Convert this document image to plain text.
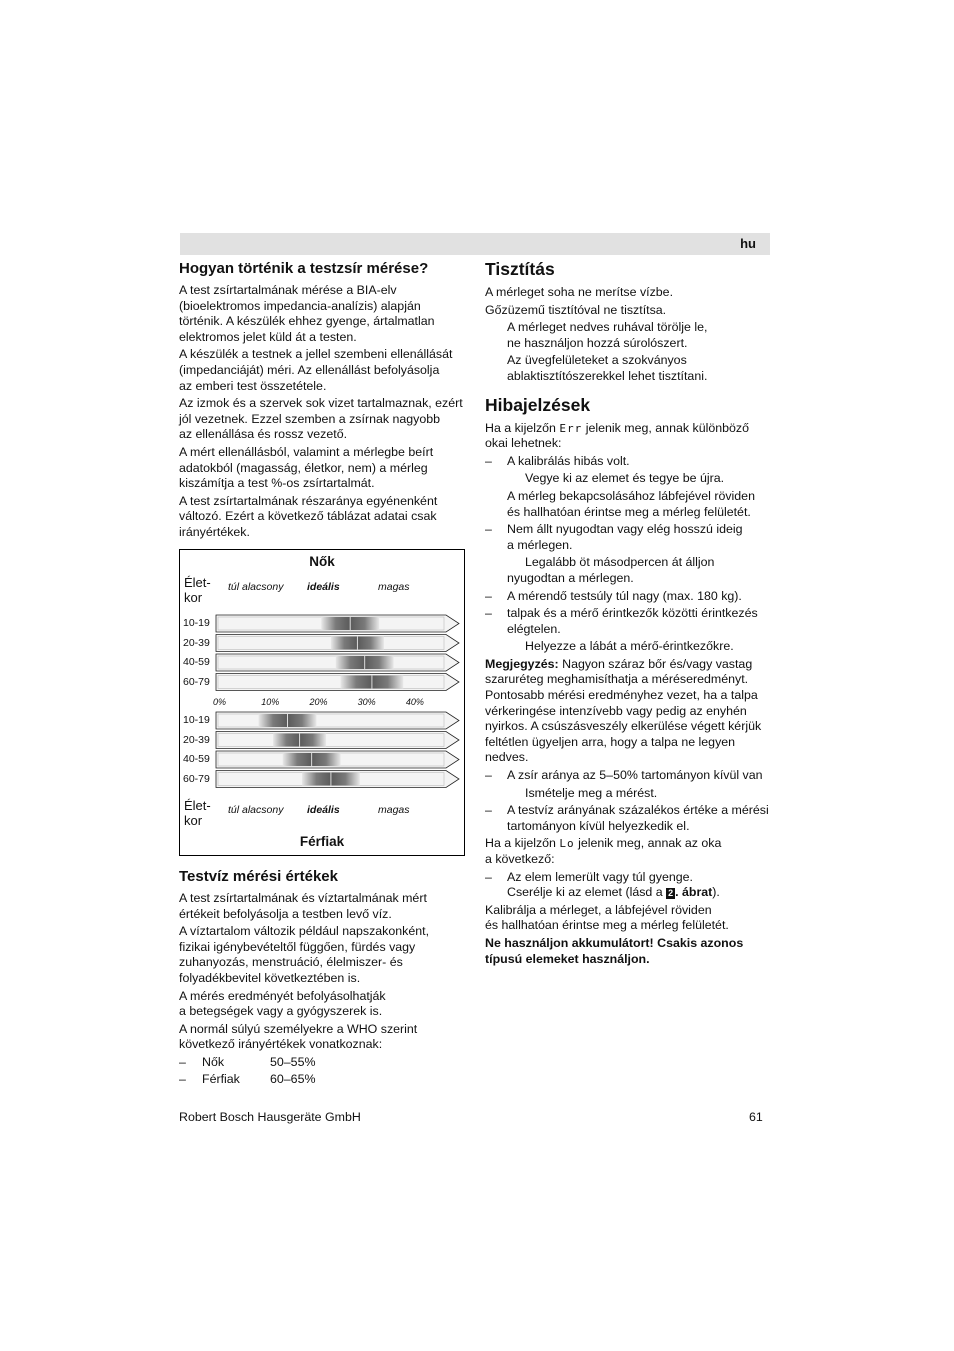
hu
Hogyan történik a testzsír mérése?

A test zsírtartalmának mérése a BIA-elv
(bioelektromos impedancia-analízis) alapján
történik. A készülék ehhez gyenge, ártalmatlan
elektromos jelet küld át a testen.

A készülék a testnek a jellel szembeni ellenállását
(impedanciáját) méri. Az ellenállást befolyásolja
az emberi test összetétele.

Az izmok és a szervek sok vizet tartalmaznak, ezért
jól vezetnek. Ezzel szemben a zsírnak nagyobb
az ellenállása és rossz vezető.

A mért ellenállásból, valamint a mérlegbe beírt
adatokból (magasság, életkor, nem) a mérleg
kiszámítja a test %-os zsírtartalmát.

A test zsírtartalmának részaránya egyénenként
változó. Ezért a következő táblázat adatai csak
irányértékek.

Nők
Élet-
kor
túl alacsony ideális	magas
10-19
20-39
40-59
60-79
10-19
20-39
40-59
60-79
0%	10%	20%	30%	40%
Élet-
kor
túl alacsony ideális	magas
Férfiak
Testvíz mérési értékek

A test zsírtartalmának és víztartalmának mért
értékeit befolyásolja a testben levő víz.

A víztartalom változik például napszakonként,
fizikai igénybevételtől függően, fürdés vagy
zuhanyozás, menstruáció, élelmiszer- és
folyadékbevitel következtében is.

A mérés eredményét befolyásolhatják
a betegségek vagy a gyógyszerek is.

A normál súlyú személyekre a WHO szerint
következő irányértékek vonatkoznak:

– Nők	50–55%
– Férfiak 60–65%
Tisztítás

A mérleget soha ne merítse vízbe.

Gőzüzemű tisztítóval ne tisztítsa.

A mérleget nedves ruhával törölje le,
ne használjon hozzá súrolószert.

Az üvegfelületeket a szokványos
ablaktisztítószerekkel lehet tisztítani.

Hibajelzések

Ha a kijelzőn Err jelenik meg, annak különböző
okai lehetnek:

– A kalibrálás hibás volt.

Vegye ki az elemet és tegye be újra.

A mérleg bekapcsolásához lábfejével röviden
és hallhatóan érintse meg a mérleg felületét.

– Nem állt nyugodtan vagy elég hosszú ideig
a mérlegen.

Legalább öt másodpercen át álljon
nyugodtan a mérlegen.

– A mérendő testsúly túl nagy (max. 180 kg).

– talpak és a mérő érintkezők közötti érintkezés
elégtelen.

Helyezze a lábát a mérő-érintkezőkre.

Megjegyzés: Nagyon száraz bőr és/vagy vastag
szaruréteg meghamisíthatja a méréseredményt.
Pontosabb mérési eredményhez vezet, ha a talpa
vérkeringése intenzívebb vagy pedig az enyhén
nyirkos. A csúszásveszély elkerülése végett kérjük
feltétlen ügyeljen arra, hogy a talpa ne legyen
nedves.

– A zsír aránya az 5–50% tartományon kívül van

Ismételje meg a mérést.

– A testvíz arányának százalékos értéke a mérési
tartományon kívül helyezkedik el.

Ha a kijelzőn Lo jelenik meg, annak az oka
a következő:

– Az elem lemerült vagy túl gyenge.
Cserélje ki az elemet (lásd a 2 . ábrat).

Kalibrálja a mérleget, a lábfejével röviden
és hallhatóan érintse meg a mérleg felületét.

Ne használjon akkumulátort! Csakis azonos
típusú elemeket használjon.

Robert Bosch Hausgeräte GmbH	61
